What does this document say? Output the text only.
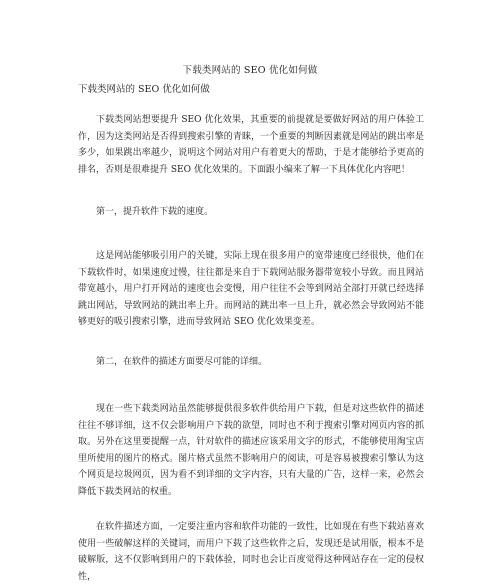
下载类网站的 SEO 优化如何做
下载类网站的 SEO 优化如何做

下载类网站想要提升 SEO 优化效果，其重要的前提就是要做好网站的用户体验工作，因为这类网站是否得到搜索引擎的青睐，一个重要的判断因素就是网站的跳出率是多少，如果跳出率越少，说明这个网站对用户有着更大的帮助，于是才能够给予更高的排名，否则是很难提升 SEO 优化效果的。下面跟小编来了解一下具体优化内容吧！

第一，提升软件下载的速度。

这是网站能够吸引用户的关键，实际上现在很多用户的宽带速度已经很快，他们在下载软件时，如果速度过慢，往往都是来自于下载网站服务器带宽较小导致。而且网站带宽越小，用户打开网站的速度也会变慢，用户往往不会等到网站全部打开就已经选择跳出网站，导致网站的跳出率上升。而网站的跳出率一旦上升，就必然会导致网站不能够更好的吸引搜索引擎，进而导致网站 SEO 优化效果变差。

第二，在软件的描述方面要尽可能的详细。

现在一些下载类网站虽然能够提供很多软件供给用户下载，但是对这些软件的描述往往不够详细，这不仅会影响用户下载的欲望，同时也不利于搜索引擎对网页内容的抓取。另外在这里要提醒一点，针对软件的描述应该采用文字的形式，不能够使用淘宝店里所使用的图片的格式。图片格式虽然不影响用户的阅读，可是容易被搜索引擎认为这个网页是垃圾网页，因为看不到详细的文字内容，只有大量的广告，这样一来，必然会降低下载类网站的权重。

在软件描述方面，一定要注重内容和软件功能的一致性，比如现在有些下载站喜欢使用一些破解这样的关键词，而用户下载了这些软件之后，发现还是试用版，根本不是破解版，这不仅影响到用户的下载体验，同时也会让百度觉得这种网站存在一定的侵权性，
